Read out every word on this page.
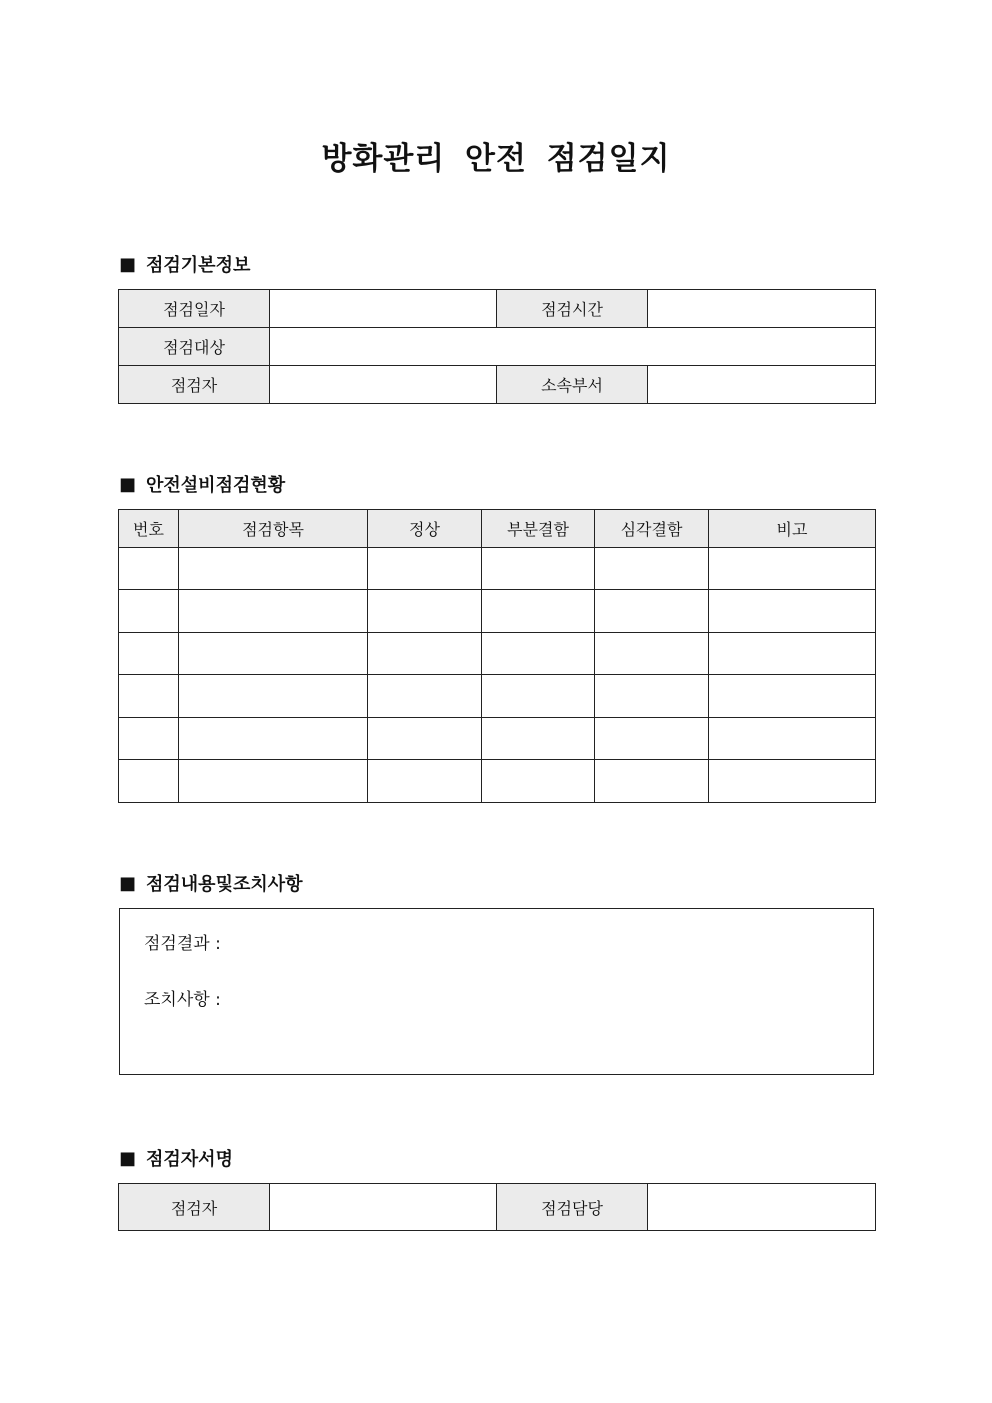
방화관리 안전 점검일지
■ 점검기본정보
점검일자		점검시간	
점검대상			
점검자		소속부서	
■ 안전설비점검현황
번호	점검항목	정상	부분결함	심각결함	비고

■ 점검내용및조치사항
점검결과 :
조치사항 :
■ 점검자서명
점검자		점검담당	
